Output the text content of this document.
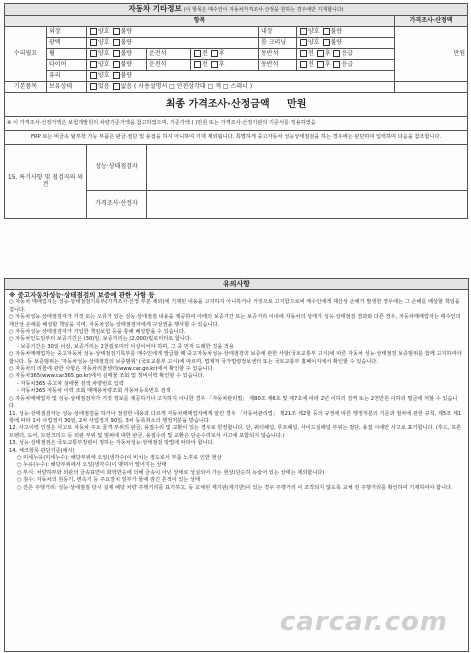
자동차 기타정보 (이 항목은 매수인이 자동차가격조사·산정을 원하는 경우에만 기재합니다)							
항목							가격조사·산정액
수리필요	외장	양호 불량			내장	양호 불량	만원
	광택	양호 불량			룸 크리닝	양호 불량	
	휠	양호 불량	운전석	전 후	동반석	전 후 응급	
	타이어	양호 불량	운전석	전 후	동반석	전 후 응급	
	유리	양호 불량					
기본품목	보유상태	있음 없음 ( 사용설명서 □ 안전삼각대 □ 잭 □ 스패너 )					
최종 가격조사·산정금액 만원							
※ 이 가격조사·산정가액은 보험개발원의 차량기준가액을 참고하였으며, 기준가액 ( )만원 또는 가격조사·산정기관의 기준서를 적용하였음							
FRP 또는 비금속 탈부착 가능 부품은 판금·절단 및 용접을 하지 아니하여 기재 제외됩니다. 특별하게 중고자동차 성능상태점검을 하는 경우에는 판단하여 입력하며 다음을 참조합니다.							
15. 특기사항 및 점검자의 의견		성능·상태점검자					
		가격조사·산정자					
유의사항

※ 중고자동차성능·상태점검의 보증에 관한 사항 등

○ 자동차 매매업자는 성능·상태점검기록부(가격조사·산정 부분 제외)에 기재된 내용을 고지하지 아니하거나 거짓으로 고지함으로써 매수인에게 재산상 손해가 발생한 경우에는 그 손해를 배상할 책임을 집니다.

○ 자동차성능·상태점검자가 거짓 또는 오류가 있는 성능·상태점검 내용을 제공하여 아래의 보증기간 또는 보증거리 이내에 자동차의 상태가 성능·상태점검 결과와 다른 경우, 자동차매매업자는 매수인의 재산상 손해를 배상할 책임을 지며, 자동차성능·상태점검자에게 구상권을 행사할 수 있습니다.

○ 자동차성능·상태점검자가 가입한 책임보험 등을 통해 배상받을 수 있습니다.

○ 자동차인도일부터 보증기간은 (30)일, 보증거리는 (2,000)킬로미터로 합니다.

- 보증기간은 30일 이상, 보증거리는 2천킬로미터 이상이어야 하며, 그 중 먼저 도래한 것을 적용

○ 자동차매매업자는 중고자동차 성능·상태점검기록부를 매수인에게 발급할 때 중고자동차성능·상태점검의 보증에 관한 사항(국토교통부 고시)에 따른 자동차 성능·상태점검 보증범위를 함께 고지하여야 합니다. 동 보증범위는 '자동차성능·상태점검의 보증범위' (국토교통부 고시)에 따르며, 법제처 국가법령정보센터 또는 국토교통부 홈페이지에서 확인할 수 있습니다.

○ 자동차의 리콜에 관한 사항은 자동차리콜센터(www.car.go.kr)에서 확인할 수 있습니다.

○ 자동차365(www.car365.go.kr)에서 실매물 조회 및 정비이력 확인할 수 있습니다.

- 자동차365 중고차 실매물 검색 차량번호 입력

- 자동차365 자동차 이력 조회 매매용차량조회 자동차등록번호 검색

○ 자동차매매업자 및 성능·상태점검자가 거짓 정보를 제공하거나 고지하지 아니한 경우 「자동차관리법」 제80조 제6호 및 제7호에 따라 2년 이하의 징역 또는 2천만원 이하의 벌금에 처할 수 있습니다.

11. 성능·상태점검자는 성능·상태점검을 하거나 점검한 내용과 다르게 자동차매매업자에게 알린 경우 「자동차관리법」 제21조 제2항 등의 규정에 따른 행정처분의 기준과 절차에 관한 규칙, 제5조 제1항에 따라 1차 사업정지 30일, 2차 사업정지 90일, 3차 등록취소의 행정처분을 받습니다.

12. 사고이력 인정은 사고로 자동차 주요 골격 부위의 판금, 용접수리 및 교환이 있는 경우로 한정합니다. 단, 쿼터패널, 루프패널, 사이드실패널 부위는 절단, 용접 시에만 사고로 표기합니다. (후드, 프론트펜더, 도어, 트렁크리드 등 외판 부위 및 범퍼에 대한 판금, 용접수리 및 교환은 단순수리로서 사고에 포함되지 않습니다.)

13. 성능·상태점검은 국토교통부장관이 정하는 자동차성능·상태점검 방법에 따라야 합니다.

14. 체크항목 판단기준(예시)

○ 미세누유(미세누수): 해당부위에 오일(냉각수)이 비치는 정도로서 부품 노후로 인한 현상

○ 누유(누수): 해당부위에서 오일(냉각수)이 맺혀서 떨어지는 상태

○ 부식: 차량하부와 외판의 금속표면이 화학반응에 의해 금속이 아닌 상태로 상실되어 가는 현상(단순히 녹슬어 있는 상태는 제외합니다)

○ 침수: 자동차의 원동기, 변속기 등 주요장치 일부가 물에 잠긴 흔적이 있는 상태

○ 잔존 주행거리: 성능·상태점검 당시 실제 해당 차량 주행거리를 표기하고, 동 교체된 계기판(계기반)이 있는 경우 주행거리 이 조작되지 않도록 교체 전 주행거리를 확인하여 기재하여야 합니다.

carcar.com
